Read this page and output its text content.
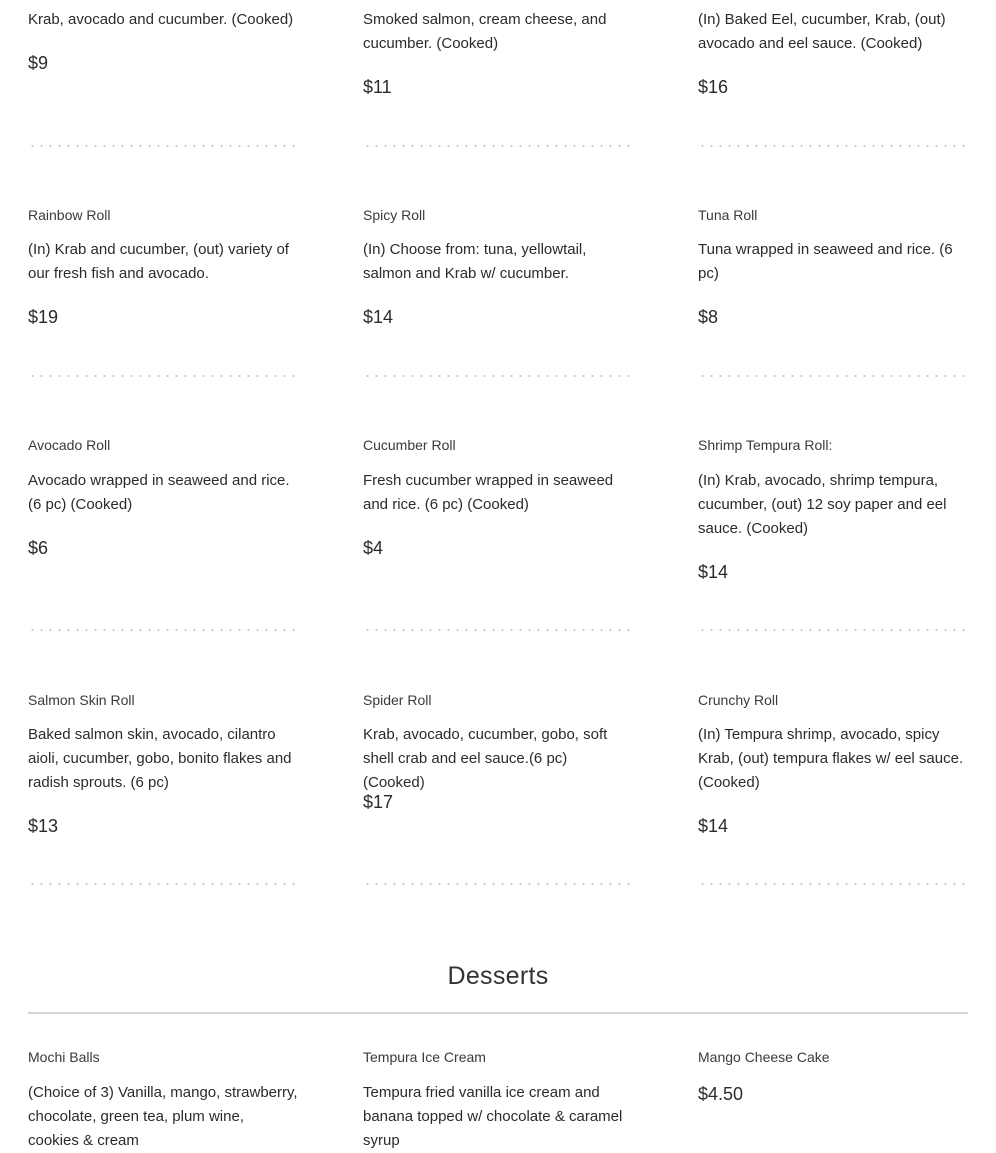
Krab, avocado and cucumber. (Cooked)
$9
Smoked salmon, cream cheese, and cucumber. (Cooked)
$11
(In) Baked Eel, cucumber, Krab, (out) avocado and eel sauce. (Cooked)
$16
Rainbow Roll
(In) Krab and cucumber, (out) variety of our fresh fish and avocado.
$19
Spicy Roll
(In) Choose from: tuna, yellowtail, salmon and Krab w/ cucumber.
$14
Tuna Roll
Tuna wrapped in seaweed and rice. (6 pc)
$8
Avocado Roll
Avocado wrapped in seaweed and rice. (6 pc) (Cooked)
$6
Cucumber Roll
Fresh cucumber wrapped in seaweed and rice. (6 pc) (Cooked)
$4
Shrimp Tempura Roll:
(In) Krab, avocado, shrimp tempura, cucumber, (out) 12 soy paper and eel sauce. (Cooked)
$14
Salmon Skin Roll
Baked salmon skin, avocado, cilantro aioli, cucumber, gobo, bonito flakes and radish sprouts. (6 pc)
$13
Spider Roll
Krab, avocado, cucumber, gobo, soft shell crab and eel sauce.(6 pc) (Cooked)
$17
Crunchy Roll
(In) Tempura shrimp, avocado, spicy Krab, (out) tempura flakes w/ eel sauce. (Cooked)
$14
Desserts
Mochi Balls
(Choice of 3) Vanilla, mango, strawberry, chocolate, green tea, plum wine, cookies & cream
Tempura Ice Cream
Tempura fried vanilla ice cream and banana topped w/ chocolate & caramel syrup
Mango Cheese Cake
$4.50
